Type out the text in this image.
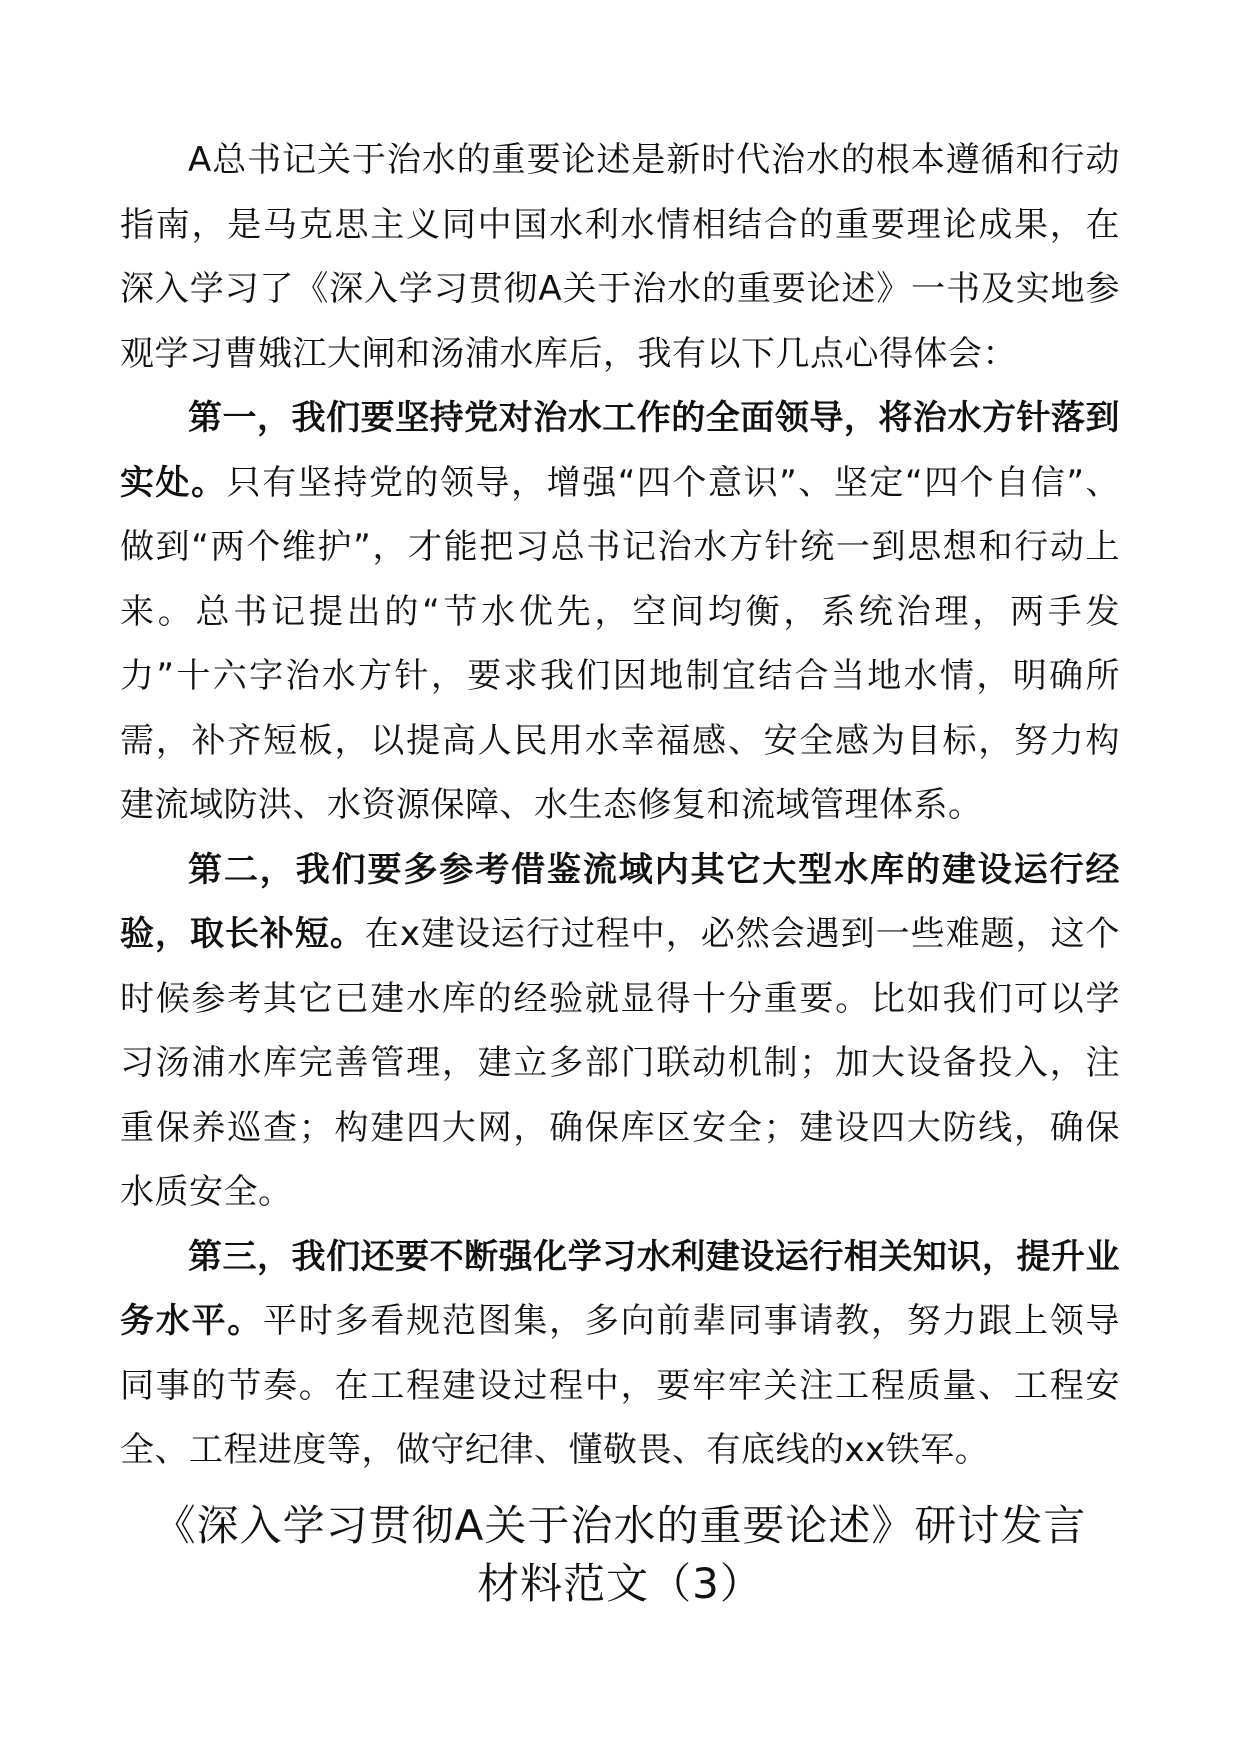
A总书记关于治水的重要论述是新时代治水的根本遵循和行动指南，是马克思主义同中国水利水情相结合的重要理论成果，在深入学习了《深入学习贯彻A关于治水的重要论述》一书及实地参观学习曹娥江大闸和汤浦水库后，我有以下几点心得体会：

第一，我们要坚持党对治水工作的全面领导，将治水方针落到实处。只有坚持党的领导，增强“四个意识”、坚定“四个自信”、做到“两个维护”，才能把习总书记治水方针统一到思想和行动上来。总书记提出的“节水优先，空间均衡，系统治理，两手发力”十六字治水方针，要求我们因地制宜结合当地水情，明确所需，补齐短板，以提高人民用水幸福感、安全感为目标，努力构建流域防洪、水资源保障、水生态修复和流域管理体系。

第二，我们要多参考借鉴流域内其它大型水库的建设运行经验，取长补短。在x建设运行过程中，必然会遇到一些难题，这个时候参考其它已建水库的经验就显得十分重要。比如我们可以学习汤浦水库完善管理，建立多部门联动机制；加大设备投入，注重保养巡查；构建四大网，确保库区安全；建设四大防线，确保水质安全。

第三，我们还要不断强化学习水利建设运行相关知识，提升业务水平。平时多看规范图集，多向前辈同事请教，努力跟上领导同事的节奏。在工程建设过程中，要牢牢关注工程质量、工程安全、工程进度等，做守纪律、懂敬畏、有底线的xx铁军。

《深入学习贯彻A关于治水的重要论述》研讨发言
材料范文（3）
